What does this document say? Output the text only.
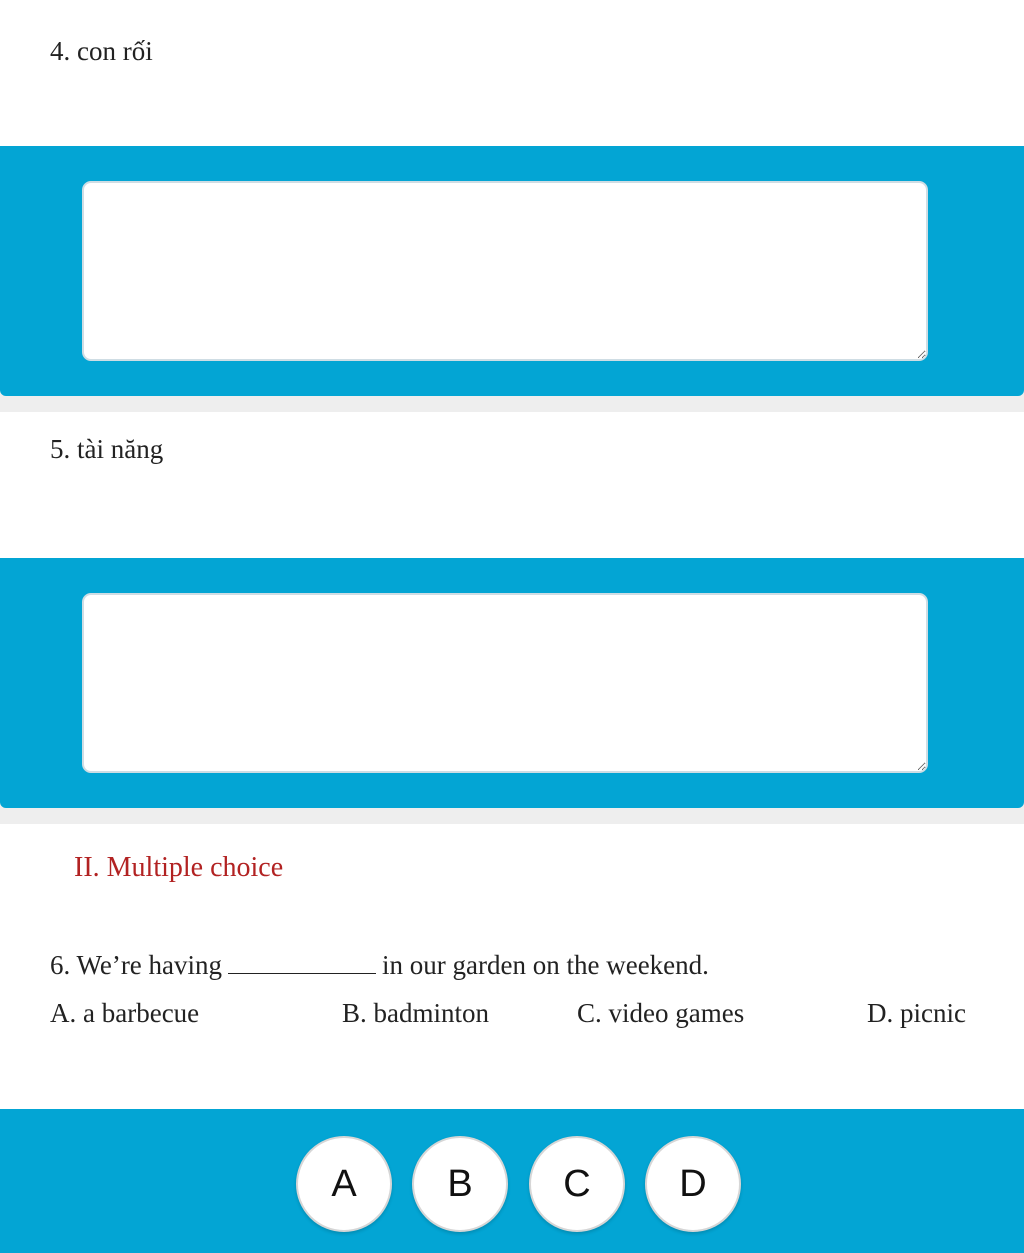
4. con rối
5. tài năng
II. Multiple choice
6. We’re having	in our garden on the weekend.
A. a barbecue	B. badminton	C. video games	D. picnic
A	B	C	D
